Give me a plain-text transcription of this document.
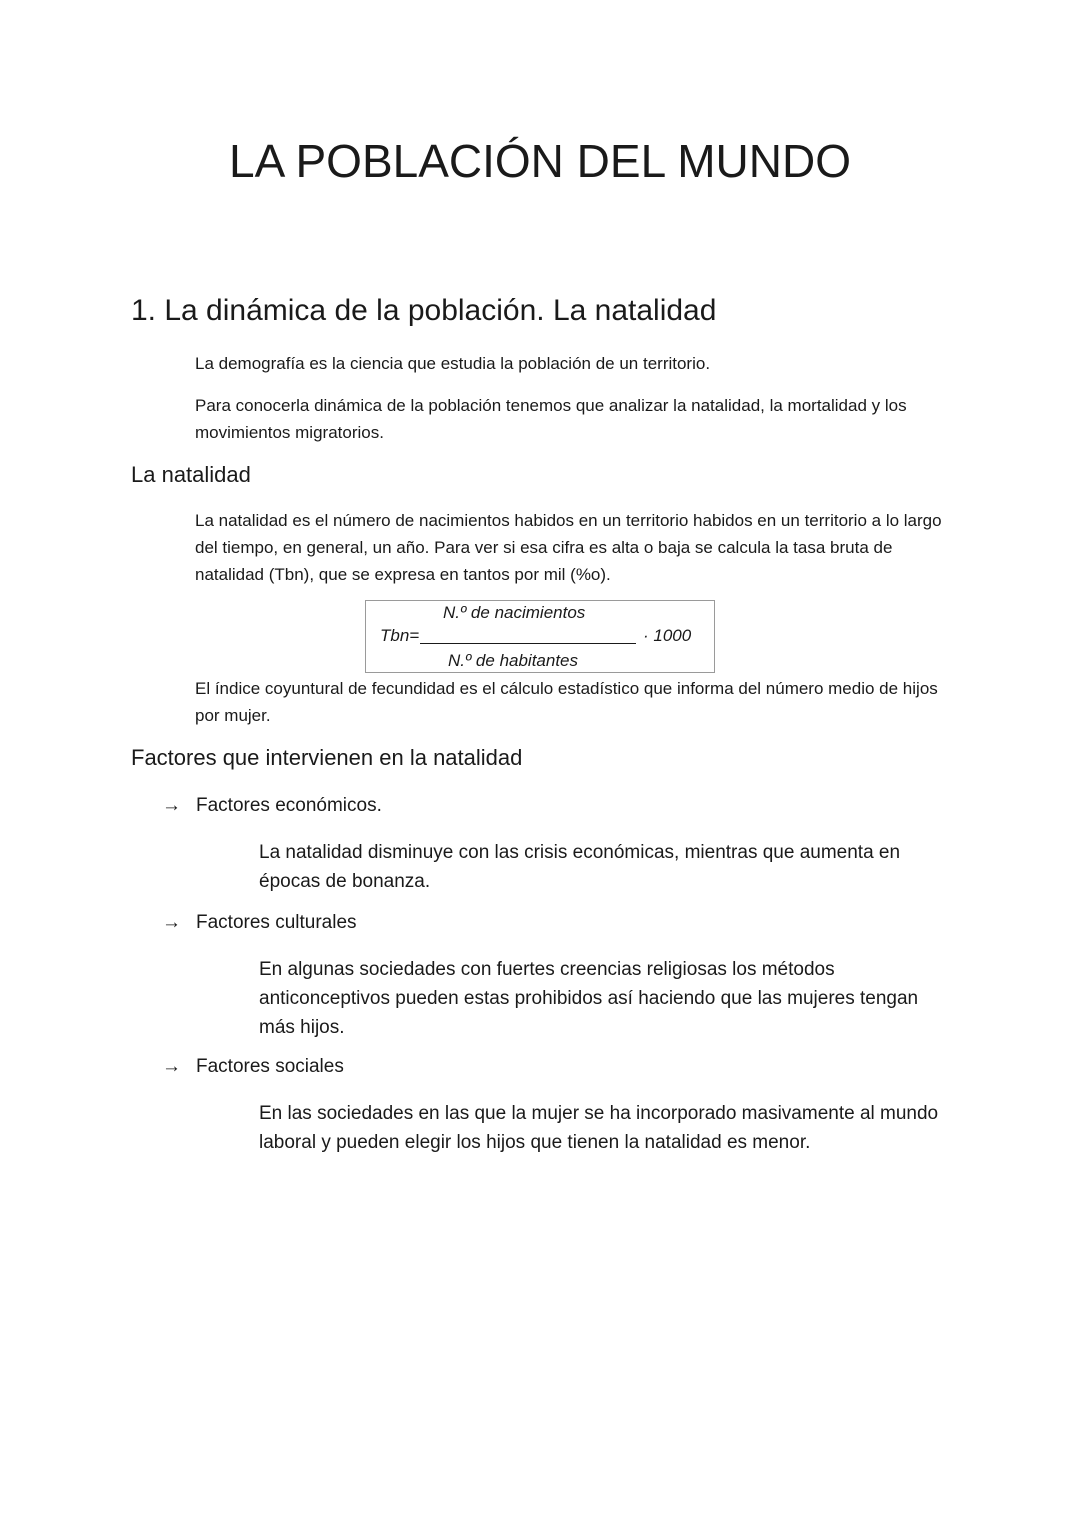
LA POBLACIÓN DEL MUNDO
1. La dinámica de la población. La natalidad

La demografía es la ciencia que estudia la población de un territorio.

Para conocerla dinámica de la población tenemos que analizar la natalidad, la mortalidad y los movimientos migratorios.

La natalidad

La natalidad es el número de nacimientos habidos en un territorio habidos en un territorio a lo largo del tiempo, en general, un año. Para ver si esa cifra es alta o baja se calcula la tasa bruta de natalidad (Tbn), que se expresa en tantos por mil (%o).

N.º de nacimientos
Tbn=	· 1000
N.º de habitantes

El índice coyuntural de fecundidad es el cálculo estadístico que informa del número medio de hijos por mujer.

Factores que intervienen en la natalidad
→ Factores económicos.

La natalidad disminuye con las crisis económicas, mientras que aumenta en épocas de bonanza.

→ Factores culturales

En algunas sociedades con fuertes creencias religiosas los métodos anticonceptivos pueden estas prohibidos así haciendo que las mujeres tengan más hijos.

→ Factores sociales

En las sociedades en las que la mujer se ha incorporado masivamente al mundo laboral y pueden elegir los hijos que tienen la natalidad es menor.
